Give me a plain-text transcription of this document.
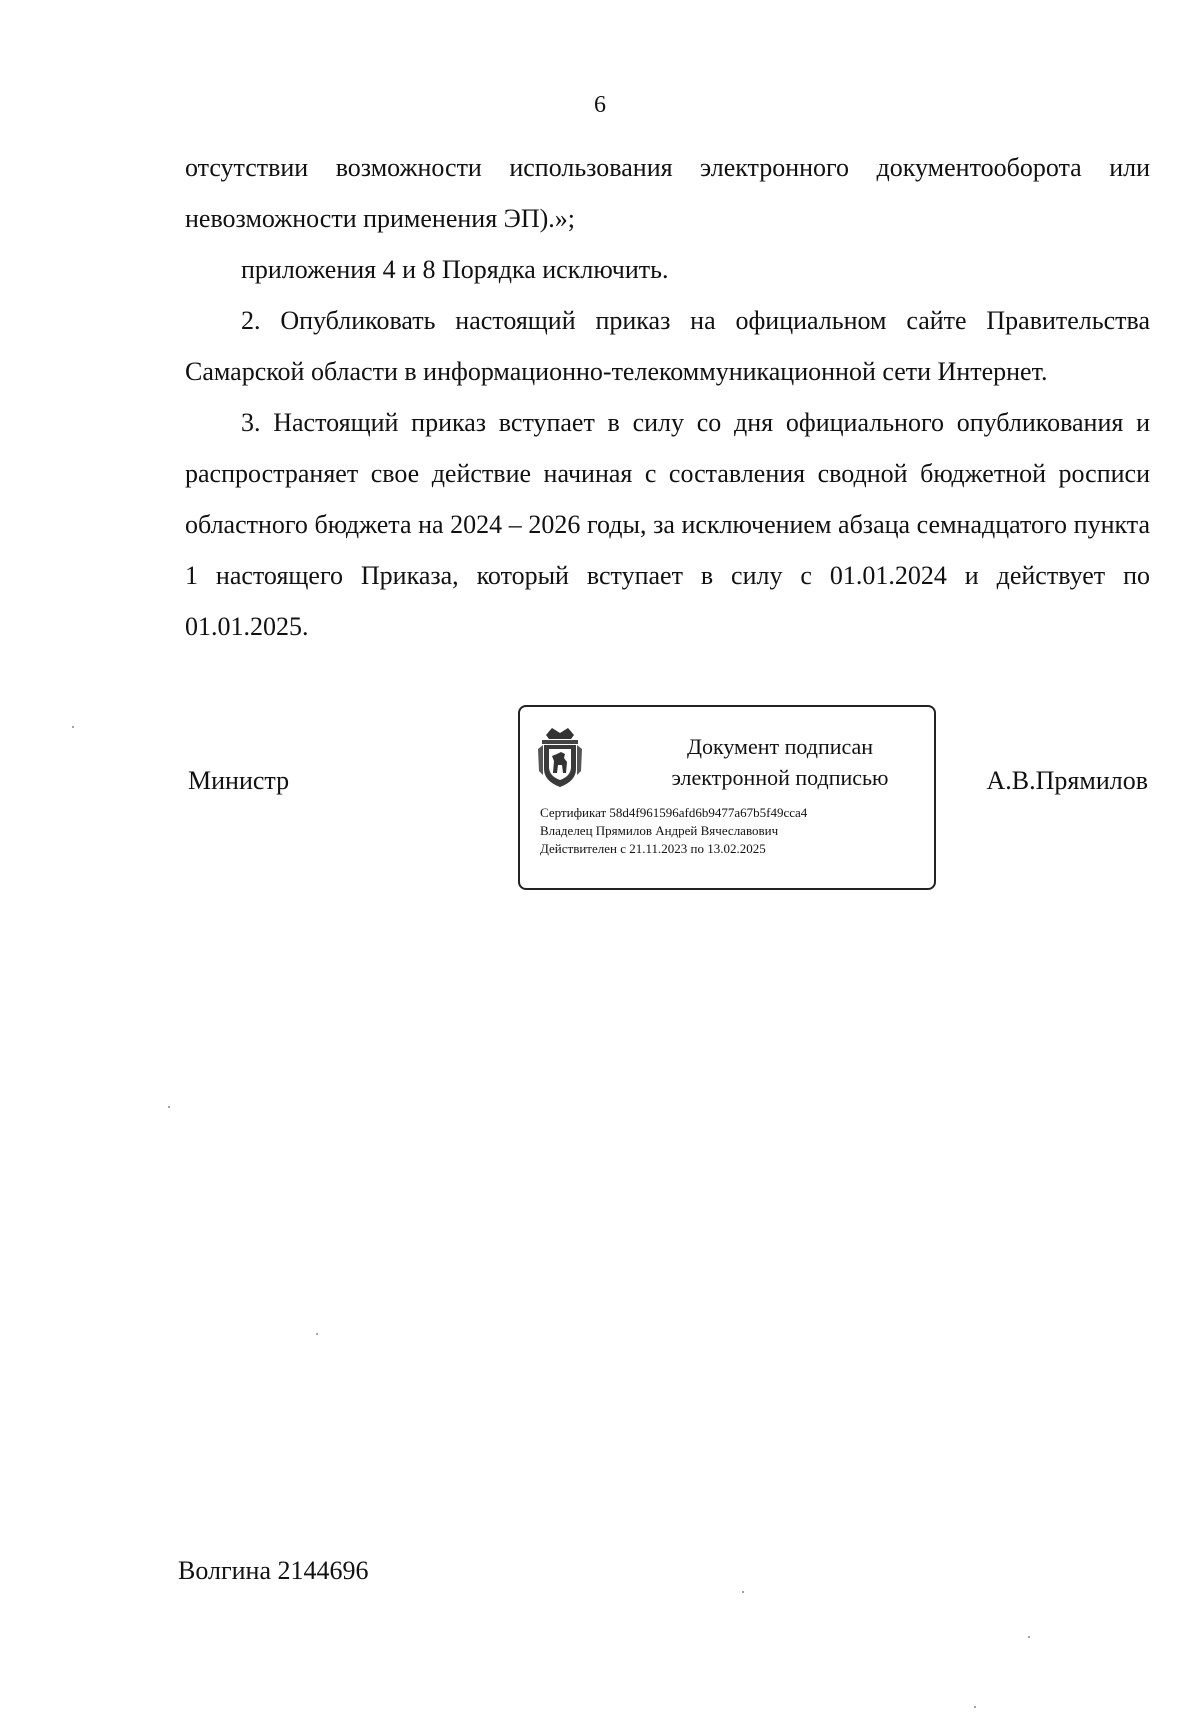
6

отсутствии возможности использования электронного документооборота или невозможности применения ЭП).»;

приложения 4 и 8 Порядка исключить.

2. Опубликовать настоящий приказ на официальном сайте Правительства Самарской области в информационно-телекоммуникационной сети Интернет.

3. Настоящий приказ вступает в силу со дня официального опубликования и распространяет свое действие начиная с составления сводной бюджетной росписи областного бюджета на 2024 – 2026 годы, за исключением абзаца семнадцатого пункта 1 настоящего Приказа, который вступает в силу с 01.01.2024 и действует по 01.01.2025.

Министр
Документ подписан
электронной подписью
Сертификат 58d4f961596afd6b9477a67b5f49cca4
Владелец Прямилов Андрей Вячеславович
Действителен с 21.11.2023 по 13.02.2025
А.В.Прямилов
Волгина 2144696
